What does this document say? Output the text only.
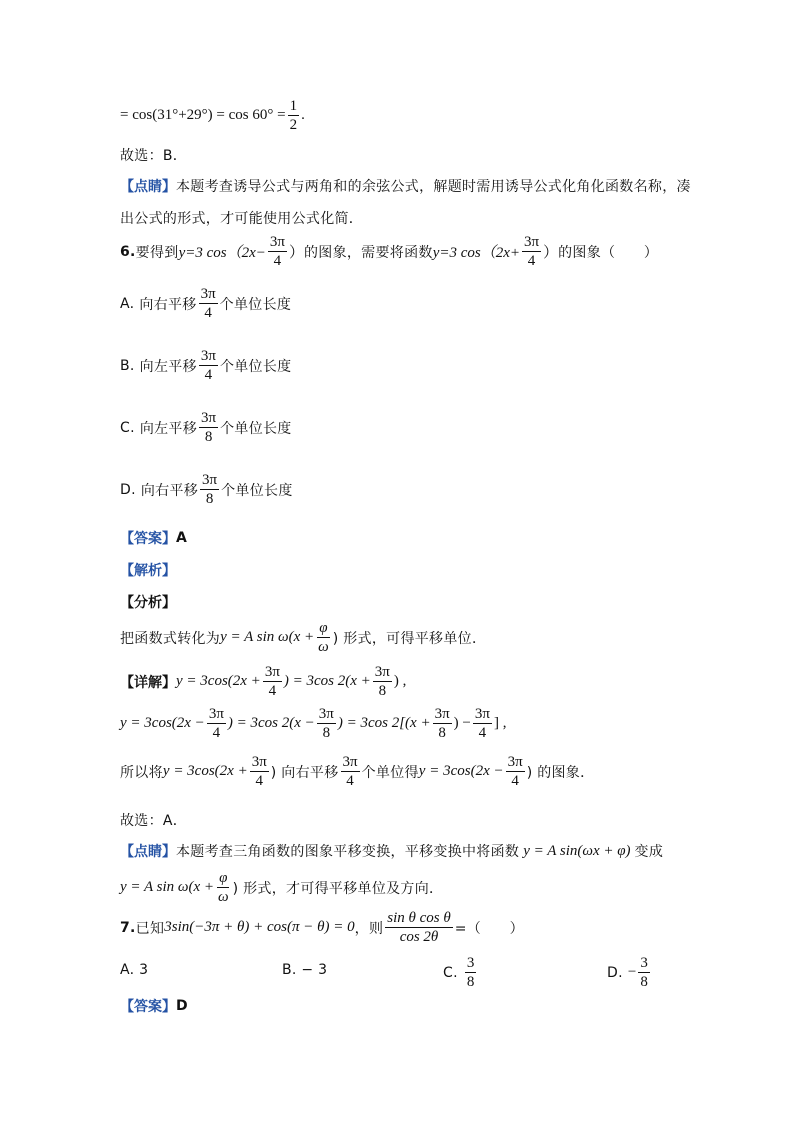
= $\cos(31^\circ+29^\circ) = \cos 60^\circ = \frac{1}{2}$ .
故选：B．
【点睛】 本题考查诱导公式与两角和的余弦公式，解题时需用诱导公式化角化函数名称，凑
出公式的形式，才可能使用公式化简．
6. 要得到 y=3 $\cos(2x- \frac{3\pi}{4}$ ） 的图象，需要将函数 y=3 $\cos(2x+ \frac{3\pi}{4}$ ） 的图象（　　）
A. 向右平移 $\frac{3\pi}{4}$ 个单位长度
B. 向左平移 $\frac{3\pi}{4}$ 个单位长度
C. 向左平移 $\frac{3\pi}{8}$ 个单位长度
D. 向右平移 $\frac{3\pi}{8}$ 个单位长度
【答案】 A
【解析】
【分析】
把函数式转化为 y = A $\sin \omega(x + \frac{\varphi}{\omega}$ ) 形式，可得平移单位．
【详解】 $y = 3\cos(2x + \frac{3\pi}{4}$ ) = 3cos $2(x + \frac{3\pi}{8}$ ) ,
$y = 3\cos(2x - \frac{3\pi}{4}$ ) = 3cos $2(x - \frac{3\pi}{8}$ ) = 3cos $2[(x + \frac{3\pi}{8}$ ) − $\frac{3\pi}{4}$ ] ,
所以将 $y = 3\cos(2x + \frac{3\pi}{4}$ ) 向右平移 $\frac{3\pi}{4}$ 个单位得 $y = 3\cos(2x - \frac{3\pi}{4}$ ) 的图象．
故选：A．
【点睛】 本题考查三角函数的图象平移变换，平移变换中将函数 y = A sin(ωx + φ) 变成
y = A $\sin \omega(x + \frac{\varphi}{\omega}$ ) 形式，才可得平移单位及方向．
7. 已知 3sin(−3π + θ) + cos(π − θ) = 0 ，则 $\frac{\text{sin θ cos θ}}{\cos 2\theta}$ =（　　）
A. 3	B. − 3	C. $\frac{3}{8}$	D. − $\frac{3}{8}$
【答案】 D
